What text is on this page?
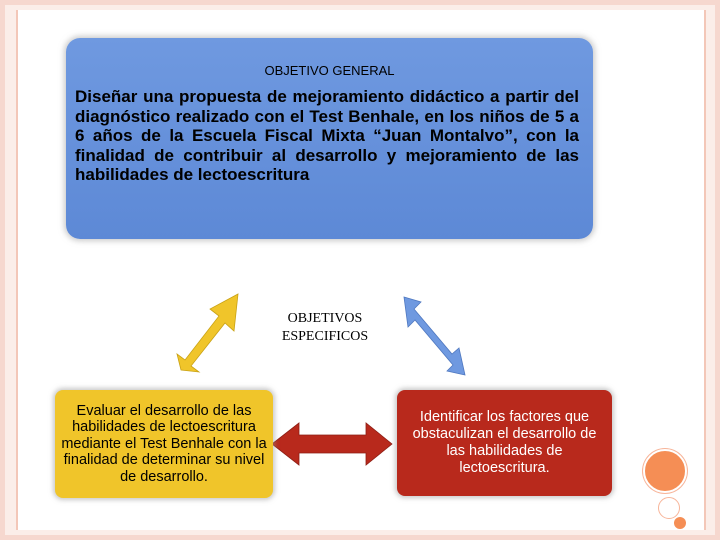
OBJETIVO GENERAL
Diseñar una propuesta de mejoramiento didáctico a partir del diagnóstico realizado con el Test Benhale, en los niños de 5 a 6 años de la Escuela Fiscal Mixta “Juan Montalvo”, con la finalidad de contribuir al desarrollo y mejoramiento de las habilidades de lectoescritura
OBJETIVOS
ESPECIFICOS
Evaluar el desarrollo de las habilidades de lectoescritura mediante el Test Benhale con la finalidad de determinar su nivel de desarrollo.
Identificar los factores que obstaculizan el desarrollo de las habilidades de lectoescritura.
